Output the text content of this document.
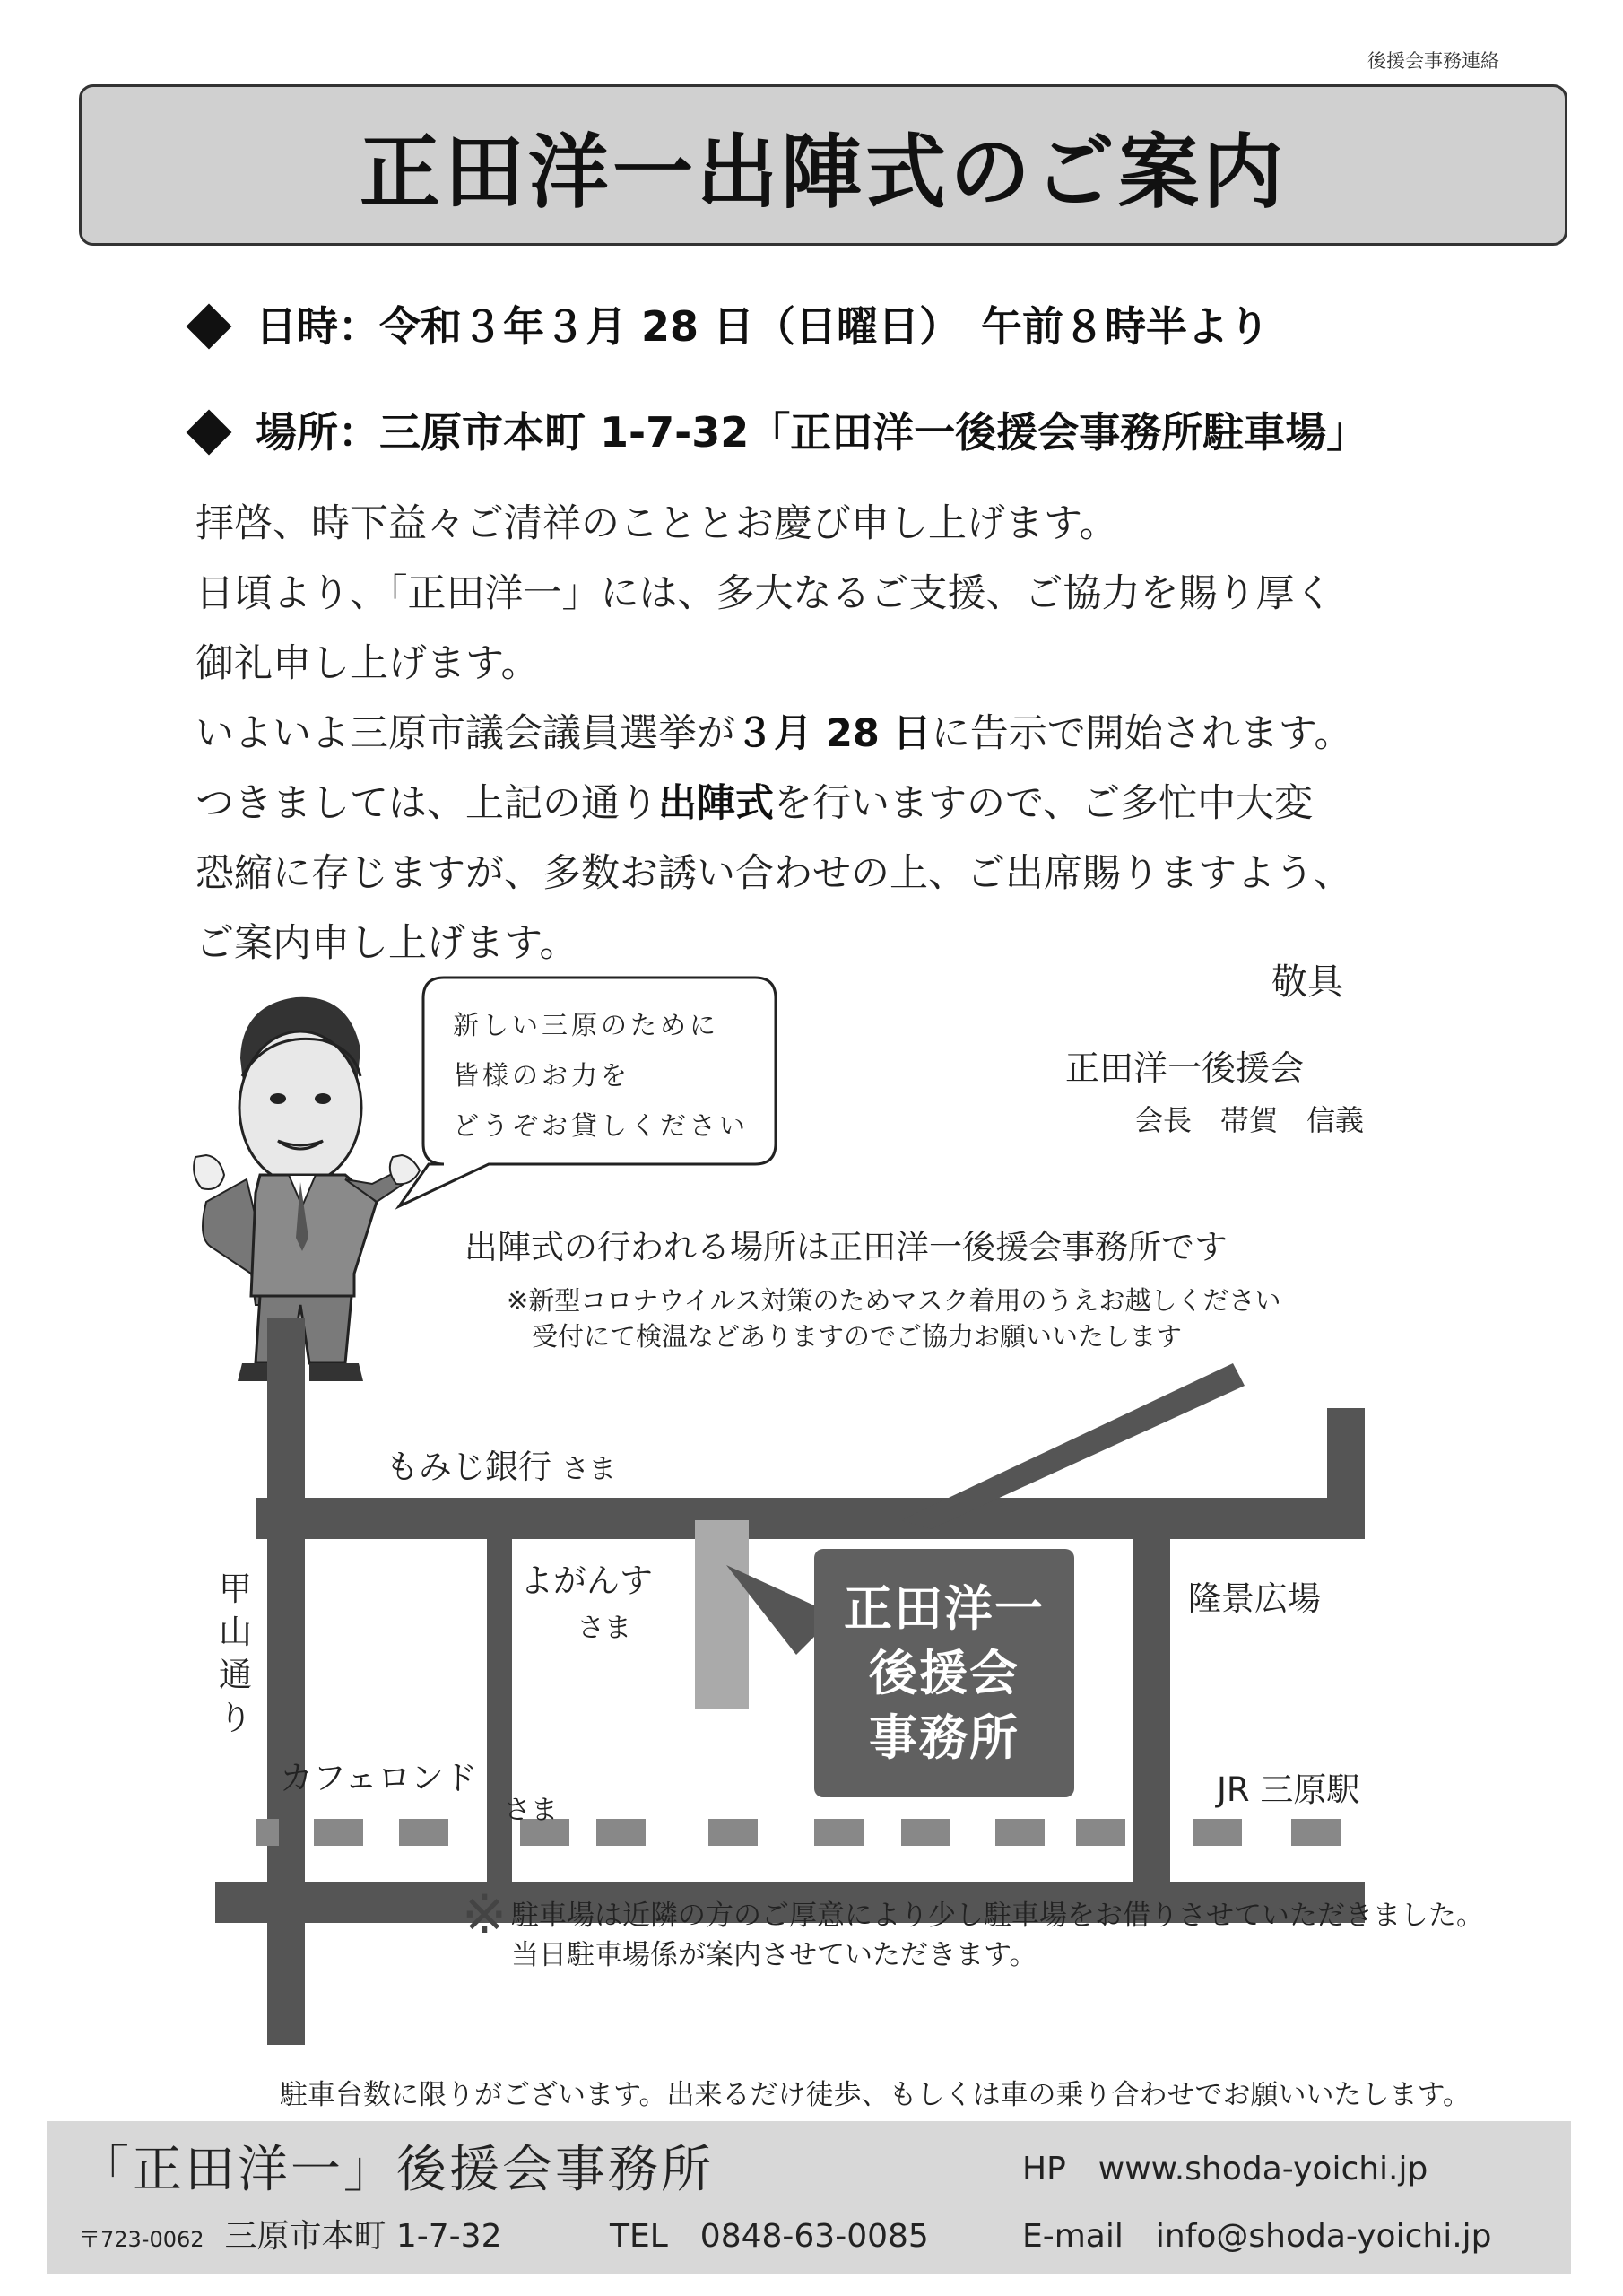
後援会事務連絡
正田洋一出陣式のご案内
日時：令和３年３月 28 日（日曜日）　午前８時半より
場所：三原市本町 1-7-32「正田洋一後援会事務所駐車場」

拝啓、時下益々ご清祥のこととお慶び申し上げます。

日頃より、「正田洋一」には、多大なるご支援、ご協力を賜り厚く

御礼申し上げます。

いよいよ三原市議会議員選挙が３月 28 日に告示で開始されます。

つきましては、上記の通り出陣式を行いますので、ご多忙中大変

恐縮に存じますが、多数お誘い合わせの上、ご出席賜りますよう、

ご案内申し上げます。

敬具
正田洋一後援会
会長　帯賀　信義

新しい三原のために

皆様のお力を

どうぞお貸しください

出陣式の行われる場所は正田洋一後援会事務所です

※新型コロナウイルス対策のためマスク着用のうえお越しください

受付にて検温などありますのでご協力お願いいたします

もみじ銀行 さま
よがんす
さま
隆景広場
甲山通り
カフェロンド
さま
JR 三原駅
正田洋一
後援会
事務所
※ 駐車場は近隣の方のご厚意により少し駐車場をお借りさせていただきました。

当日駐車場係が案内させていただきます。

駐車台数に限りがございます。出来るだけ徒歩、もしくは車の乗り合わせでお願いいたします。
「正田洋一」後援会事務所
〒723-0062 三原市本町 1-7-32	TEL　0848-63-0085
HP　www.shoda-yoichi.jp
E-mail　info@shoda-yoichi.jp
